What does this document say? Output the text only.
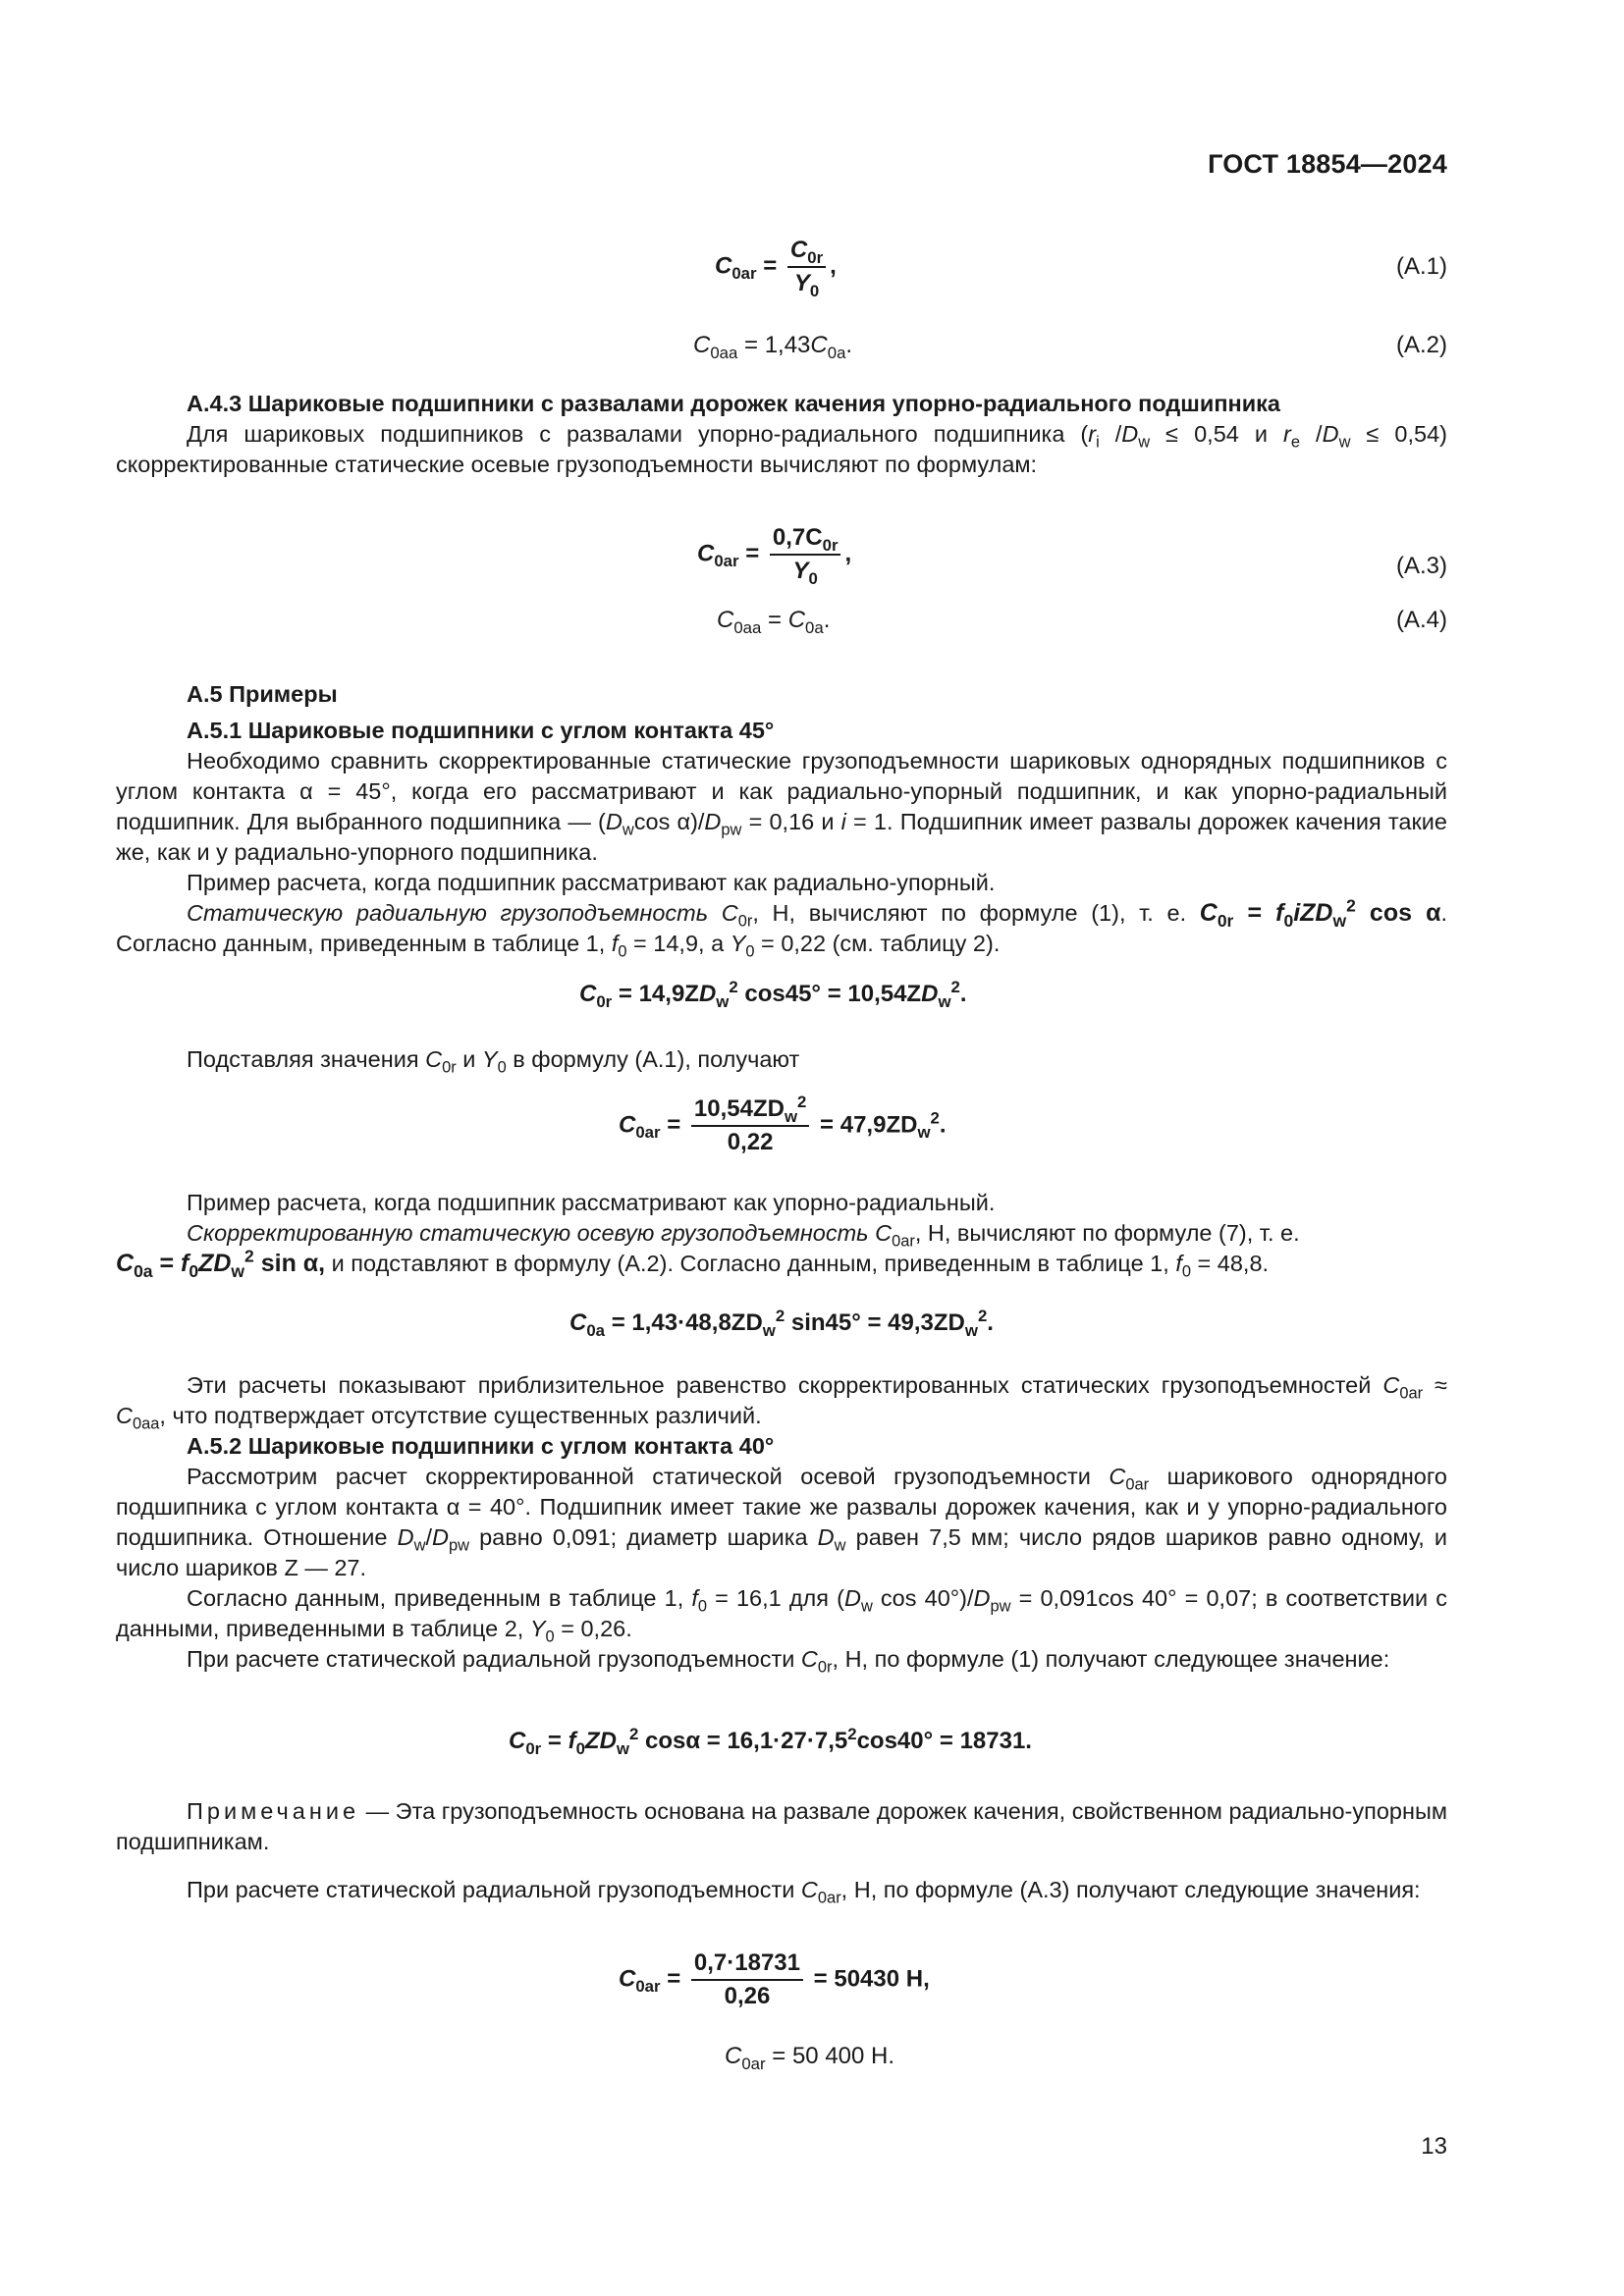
ГОСТ 18854—2024
$C_{0ar} = \frac{C_{0r}}{Y_0}$ ,	(А.1)
$C_{0aa} = 1,43C_{0a}$.	(А.2)
А.4.3 Шариковые подшипники с развалами дорожек качения упорно-радиального подшипника
Для шариковых подшипников с развалами упорно-радиального подшипника ($r_i$ $/D_w \le 0,54$ и $r_e$ $/D_w \le 0,54$) скорректированные статические осевые грузоподъемности вычисляют по формулам:
$C_{0ar} = \frac{0,7C_{0r}}{Y_0}$ ,	(А.3)
$C_{0aa} = C_{0a}$.	(А.4)
А.5 Примеры
А.5.1 Шариковые подшипники с углом контакта 45°
Необходимо сравнить скорректированные статические грузоподъемности шариковых однорядных подшипников с углом контакта α = 45°, когда его рассматривают и как радиально-упорный подшипник, и как упорно-радиальный подшипник. Для выбранного подшипника — ($D_w\cos$ $\alpha)/D_{pw} = 0,16$ и i = 1. Подшипник имеет развалы дорожек качения такие же, как и у радиально-упорного подшипника.
Пример расчета, когда подшипник рассматривают как радиально-упорный.
Статическую радиальную грузоподъемность $C_{0r}$, Н, вычисляют по формуле (1), т. е. $C_{0r} = f_0iZD_w^2$ cos α. Согласно данным, приведенным в таблице 1, $f_0 = 14,9$, а $Y_0 = 0,22$ (см. таблицу 2).
$C_{0r} = 14,9ZD_w^2$ $\cos 45^\circ = 10,54ZD_w^2$.
Подставляя значения $C_{0r}$ и $Y_0$ в формулу (А.1), получают
$C_{0ar} = \frac{10,54ZD_w^2}{0,22} = 47,9ZD_w^2$.
Пример расчета, когда подшипник рассматривают как упорно-радиальный.
Скорректированную статическую осевую грузоподъемность $C_{0ar}$, Н, вычисляют по формуле (7), т. е.
$C_{0a} = f_0ZD_w^2$ sin α, и подставляют в формулу (А.2). Согласно данным, приведенным в таблице 1, $f_0 = 48,8$.
$C_{0a} = 1,43\cdot 48,8ZD_w^2$ $\sin 45^\circ = 49,3ZD_w^2$.
Эти расчеты показывают приблизительное равенство скорректированных статических грузоподъемностей $C_{0ar} \approx C_{0aa}$, что подтверждает отсутствие существенных различий.
А.5.2 Шариковые подшипники с углом контакта 40°
Рассмотрим расчет скорректированной статической осевой грузоподъемности $C_{0ar}$ шарикового однорядного подшипника с углом контакта α = 40°. Подшипник имеет такие же развалы дорожек качения, как и у упорно-радиального подшипника. Отношение $D_w/D_{pw}$ равно 0,091; диаметр шарика $D_w$ равен 7,5 мм; число рядов шариков равно одному, и число шариков Z — 27.
Согласно данным, приведенным в таблице 1, $f_0 = 16,1$ для ($D_w$ $\cos 40^\circ)/D_{pw} = 0,091\cos$ 40° = 0,07; в соответствии с данными, приведенными в таблице 2, $Y_0 = 0,26$.
При расчете статической радиальной грузоподъемности $C_{0r}$, Н, по формуле (1) получают следующее значение:
$C_{0r} = f_0ZD_w^2$ $\cos\alpha = 16,1\cdot 27\cdot 7,5^2\cos 40^\circ = 18731$.
Примечание — Эта грузоподъемность основана на развале дорожек качения, свойственном радиально-упорным подшипникам.
При расчете статической радиальной грузоподъемности $C_{0ar}$, Н, по формуле (А.3) получают следующие значения:
$C_{0ar} = \frac{0,7\cdot 18731}{0,26} = 50430$ Н,
$C_{0ar} = 50$ 400 Н.
13
